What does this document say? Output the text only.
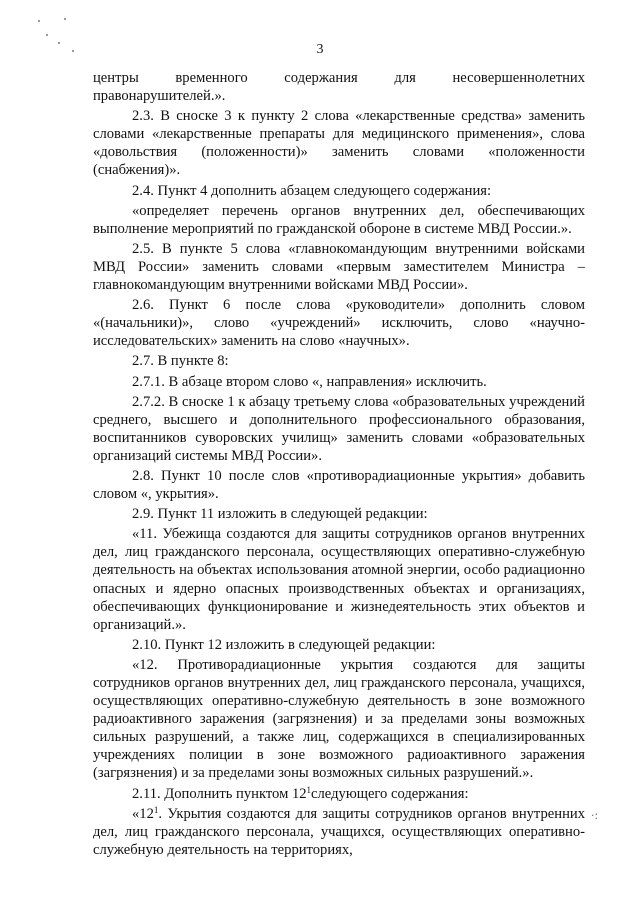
3

центры временного содержания для несовершеннолетних правонарушителей.».

2.3. В сноске 3 к пункту 2 слова «лекарственные средства» заменить словами «лекарственные препараты для медицинского применения», слова «довольствия (положенности)» заменить словами «положенности (снабжения)».

2.4. Пункт 4 дополнить абзацем следующего содержания:

«определяет перечень органов внутренних дел, обеспечивающих выполнение мероприятий по гражданской обороне в системе МВД России.».

2.5. В пункте 5 слова «главнокомандующим внутренними войсками МВД России» заменить словами «первым заместителем Министра – главнокомандующим внутренними войсками МВД России».

2.6. Пункт 6 после слова «руководители» дополнить словом «(начальники)», слово «учреждений» исключить, слово «научно-исследовательских» заменить на слово «научных».

2.7. В пункте 8:

2.7.1. В абзаце втором слово «, направления» исключить.

2.7.2. В сноске 1 к абзацу третьему слова «образовательных учреждений среднего, высшего и дополнительного профессионального образования, воспитанников суворовских училищ» заменить словами «образовательных организаций системы МВД России».

2.8. Пункт 10 после слов «противорадиационные укрытия» добавить словом «, укрытия».

2.9. Пункт 11 изложить в следующей редакции:

«11. Убежища создаются для защиты сотрудников органов внутренних дел, лиц гражданского персонала, осуществляющих оперативно-служебную деятельность на объектах использования атомной энергии, особо радиационно опасных и ядерно опасных производственных объектах и организациях, обеспечивающих функционирование и жизнедеятельность этих объектов и организаций.».

2.10. Пункт 12 изложить в следующей редакции:

«12. Противорадиационные укрытия создаются для защиты сотрудников органов внутренних дел, лиц гражданского персонала, учащихся, осуществляющих оперативно-служебную деятельность в зоне возможного радиоактивного заражения (загрязнения) и за пределами зоны возможных сильных разрушений, а также лиц, содержащихся в специализированных учреждениях полиции в зоне возможного радиоактивного заражения (загрязнения) и за пределами зоны возможных сильных разрушений.».

2.11. Дополнить пунктом $12^1следующего$ содержания:

«$12^1$. Укрытия создаются для защиты сотрудников органов внутренних дел, лиц гражданского персонала, учащихся, осуществляющих оперативно-служебную деятельность на территориях,

·:
